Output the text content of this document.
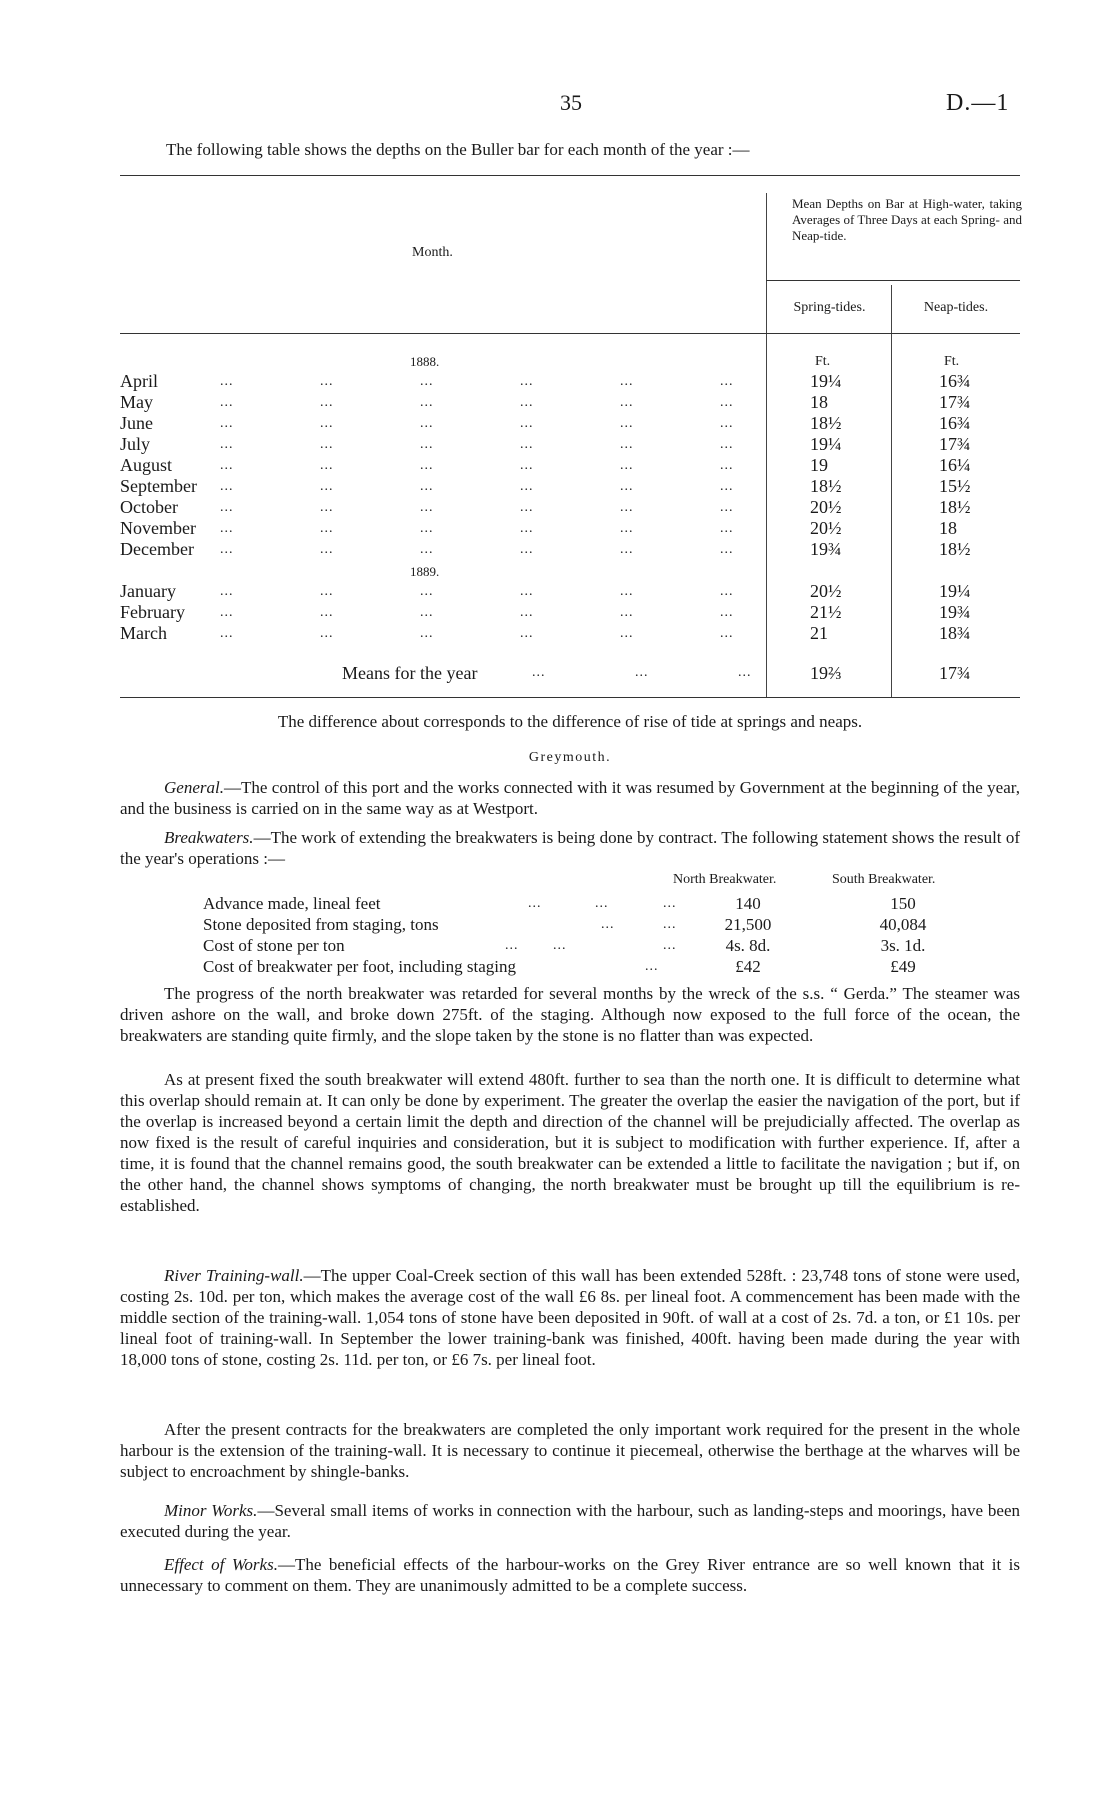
35	D.—1
The following table shows the depths on the Buller bar for each month of the year :—
Month.
Mean Depths on Bar at High-water, taking Averages of Three Days at each Spring- and Neap-tide.
Spring-tides.	Neap-tides.
1888.	Ft.	Ft.
1889.
April	...	...	...	...	...	...	19¼	16¾
May	...	...	...	...	...	...	18	17¾
June	...	...	...	...	...	...	18½	16¾
July	...	...	...	...	...	...	19¼	17¾
August	...	...	...	...	...	...	19	16¼
September ...	...	...	...	...	...	18½	15½
October	...	...	...	...	...	...	20½	18½
November ...	...	...	...	...	...	20½	18
December ...	...	...	...	...	...	19¾	18½
January	...	...	...	...	...	...	20½	19¼
February	...	...	...	...	...	...	21½	19¾
March	...	...	...	...	...	...	21	18¾
Means for the year	...	...	...	19⅔	17¾
The difference about corresponds to the difference of rise of tide at springs and neaps.
Greymouth.
General.—The control of this port and the works connected with it was resumed by Government at the beginning of the year, and the business is carried on in the same way as at Westport.
Breakwaters.—The work of extending the breakwaters is being done by contract. The following statement shows the result of the year's operations :—
North Breakwater.	South Breakwater.
Advance made, lineal feet	...	...	...	140	150
Stone deposited from staging, tons	...	...	21,500	40,084
Cost of stone per ton	... ...	...	4s. 8d.	3s. 1d.
Cost of breakwater per foot, including staging	...	£42	£49
The progress of the north breakwater was retarded for several months by the wreck of the s.s. “ Gerda.” The steamer was driven ashore on the wall, and broke down 275ft. of the staging. Although now exposed to the full force of the ocean, the breakwaters are standing quite firmly, and the slope taken by the stone is no flatter than was expected.
As at present fixed the south breakwater will extend 480ft. further to sea than the north one. It is difficult to determine what this overlap should remain at. It can only be done by experiment. The greater the overlap the easier the navigation of the port, but if the overlap is increased beyond a certain limit the depth and direction of the channel will be prejudicially affected. The overlap as now fixed is the result of careful inquiries and consideration, but it is subject to modification with further experience. If, after a time, it is found that the channel remains good, the south breakwater can be extended a little to facilitate the navigation ; but if, on the other hand, the channel shows symptoms of changing, the north breakwater must be brought up till the equilibrium is re-established.
River Training-wall.—The upper Coal-Creek section of this wall has been extended 528ft. : 23,748 tons of stone were used, costing 2s. 10d. per ton, which makes the average cost of the wall £6 8s. per lineal foot. A commencement has been made with the middle section of the training-wall. 1,054 tons of stone have been deposited in 90ft. of wall at a cost of 2s. 7d. a ton, or £1 10s. per lineal foot of training-wall. In September the lower training-bank was finished, 400ft. having been made during the year with 18,000 tons of stone, costing 2s. 11d. per ton, or £6 7s. per lineal foot.
After the present contracts for the breakwaters are completed the only important work required for the present in the whole harbour is the extension of the training-wall. It is necessary to continue it piecemeal, otherwise the berthage at the wharves will be subject to encroachment by shingle-banks.
Minor Works.—Several small items of works in connection with the harbour, such as landing-steps and moorings, have been executed during the year.
Effect of Works.—The beneficial effects of the harbour-works on the Grey River entrance are so well known that it is unnecessary to comment on them. They are unanimously admitted to be a complete success.
